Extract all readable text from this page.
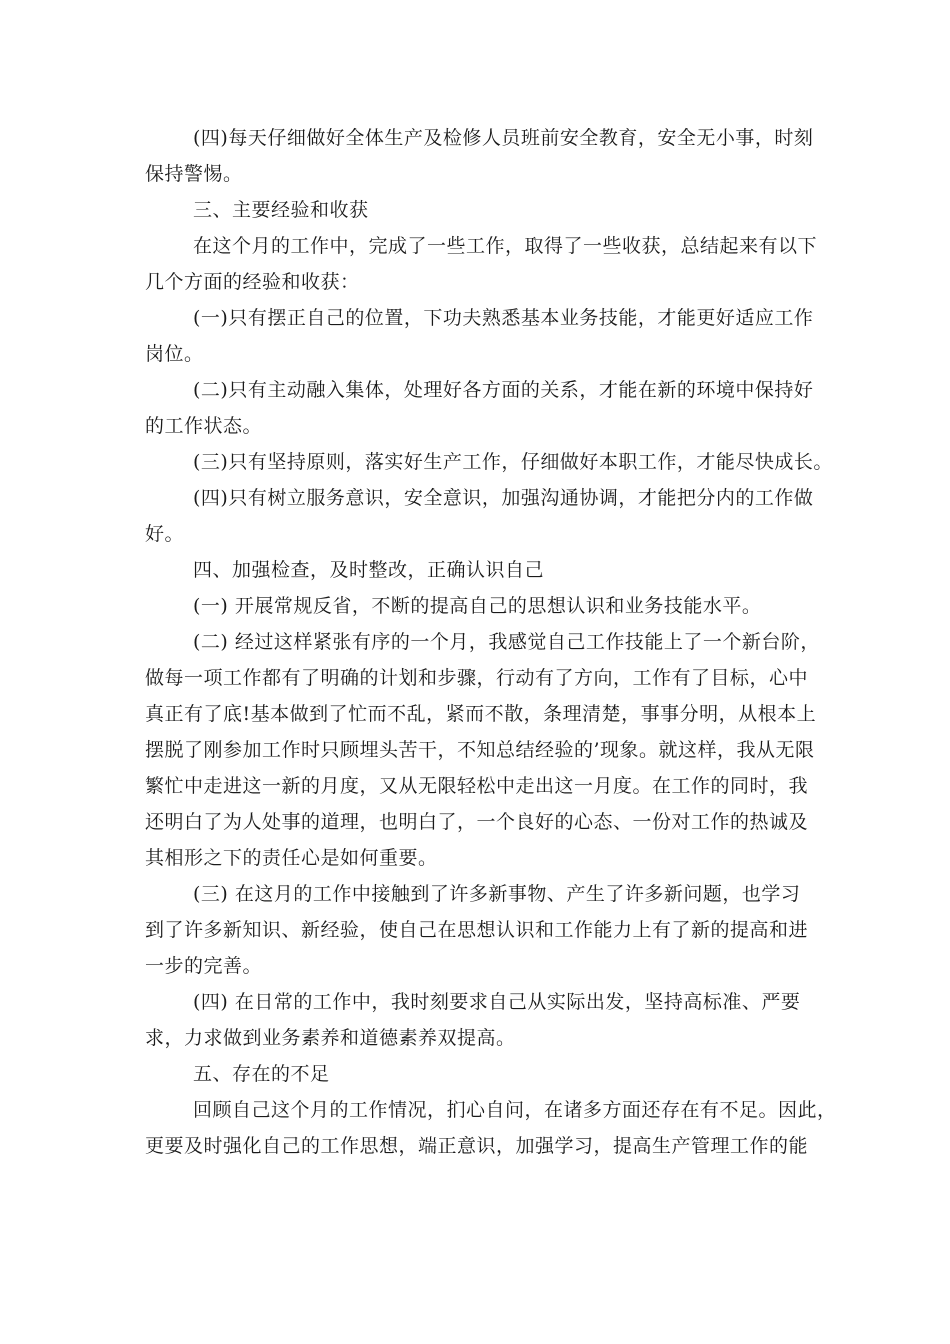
(四)每天仔细做好全体生产及检修人员班前安全教育，安全无小事，时刻

保持警惕。

三、主要经验和收获

在这个月的工作中，完成了一些工作，取得了一些收获，总结起来有以下

几个方面的经验和收获：

(一)只有摆正自己的位置，下功夫熟悉基本业务技能，才能更好适应工作

岗位。

(二)只有主动融入集体，处理好各方面的关系，才能在新的环境中保持好

的工作状态。

(三)只有坚持原则，落实好生产工作，仔细做好本职工作，才能尽快成长。

(四)只有树立服务意识，安全意识，加强沟通协调，才能把分内的工作做

好。

四、加强检查，及时整改，正确认识自己

(一) 开展常规反省，不断的提高自己的思想认识和业务技能水平。

(二) 经过这样紧张有序的一个月，我感觉自己工作技能上了一个新台阶，

做每一项工作都有了明确的计划和步骤，行动有了方向，工作有了目标，心中

真正有了底!基本做到了忙而不乱，紧而不散，条理清楚，事事分明，从根本上

摆脱了刚参加工作时只顾埋头苦干，不知总结经验的’现象。就这样，我从无限

繁忙中走进这一新的月度，又从无限轻松中走出这一月度。在工作的同时，我

还明白了为人处事的道理，也明白了，一个良好的心态、一份对工作的热诚及

其相形之下的责任心是如何重要。

(三) 在这月的工作中接触到了许多新事物、产生了许多新问题，也学习

到了许多新知识、新经验，使自己在思想认识和工作能力上有了新的提高和进

一步的完善。

(四) 在日常的工作中，我时刻要求自己从实际出发，坚持高标准、严要

求，力求做到业务素养和道德素养双提高。

五、存在的不足

回顾自己这个月的工作情况，扪心自问，在诸多方面还存在有不足。因此，

更要及时强化自己的工作思想，端正意识，加强学习，提高生产管理工作的能
